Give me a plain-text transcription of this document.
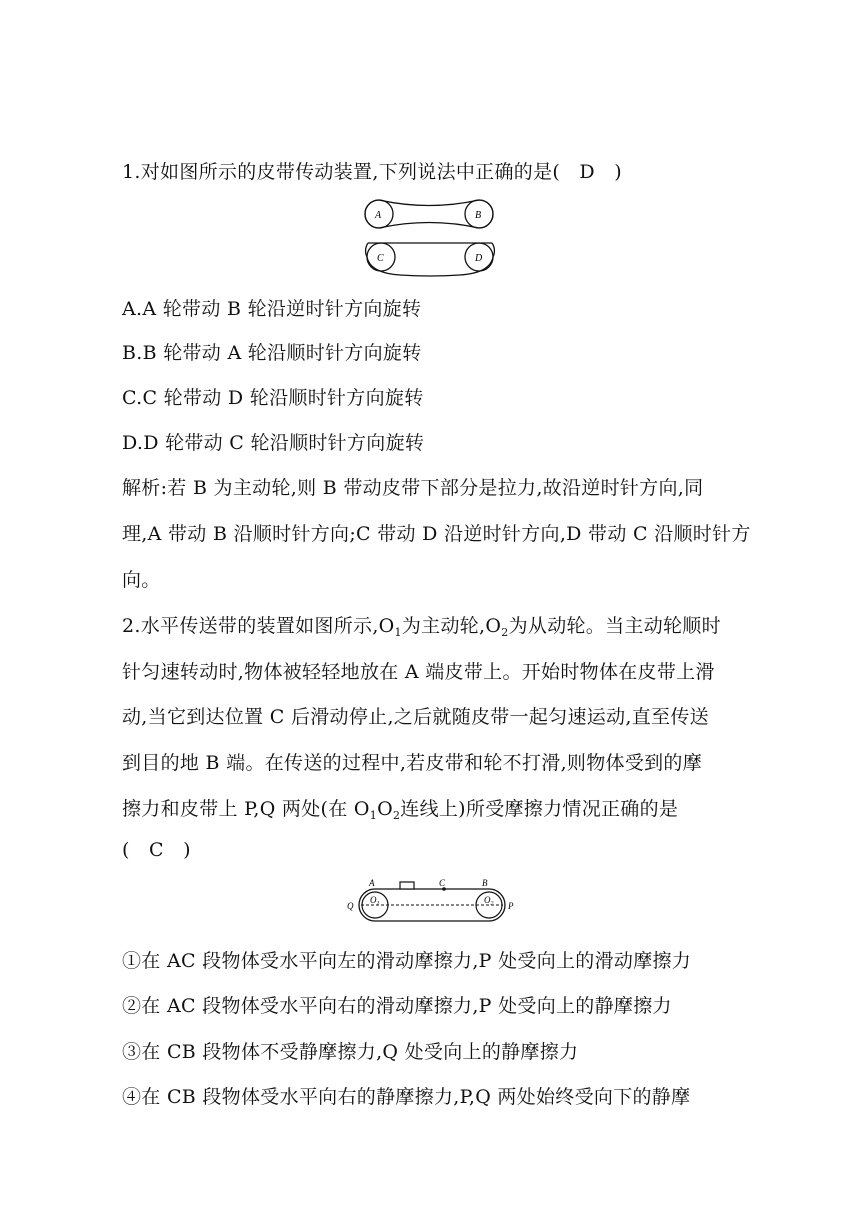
1.对如图所示的皮带传动装置,下列说法中正确的是(　D　)
A	B
C	D
A.A 轮带动 B 轮沿逆时针方向旋转
B.B 轮带动 A 轮沿顺时针方向旋转
C.C 轮带动 D 轮沿顺时针方向旋转
D.D 轮带动 C 轮沿顺时针方向旋转
解析:若 B 为主动轮,则 B 带动皮带下部分是拉力,故沿逆时针方向,同
理,A 带动 B 沿顺时针方向;C 带动 D 沿逆时针方向,D 带动 C 沿顺时针方
向。
2.水平传送带的装置如图所示$,O_1$为主动轮$,O_2$为从动轮。当主动轮顺时
针匀速转动时,物体被轻轻地放在 A 端皮带上。开始时物体在皮带上滑
动,当它到达位置 C 后滑动停止,之后就随皮带一起匀速运动,直至传送
到目的地 B 端。在传送的过程中,若皮带和轮不打滑,则物体受到的摩
擦力和皮带上 P,Q 两处(在 $O_1O_2$连线上)所受摩擦力情况正确的是
(　C　)
A	C	B
Q	P
$O_1$	$O_2$
①在 AC 段物体受水平向左的滑动摩擦力,P 处受向上的滑动摩擦力
②在 AC 段物体受水平向右的滑动摩擦力,P 处受向上的静摩擦力
③在 CB 段物体不受静摩擦力,Q 处受向上的静摩擦力
④在 CB 段物体受水平向右的静摩擦力,P,Q 两处始终受向下的静摩
